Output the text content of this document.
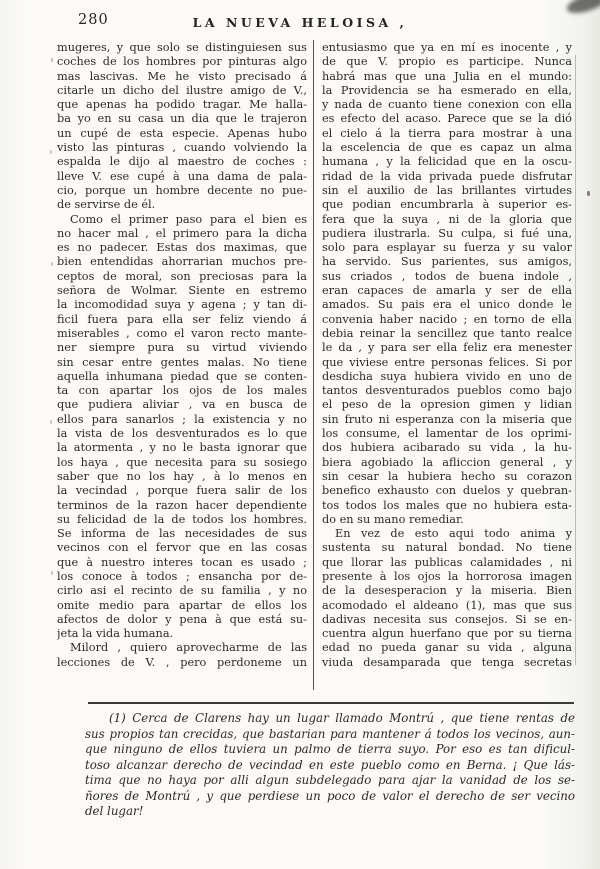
280	LA NUEVA HELOISA ,
mugeres, y que solo se distinguiesen sus
coches de los hombres por pinturas algo
mas lascivas. Me he visto precisado á
citarle un dicho del ilustre amigo de V.,
que apenas ha podido tragar. Me halla-
ba yo en su casa un dia que le trajeron
un cupé de esta especie. Apenas hubo
visto las pinturas , cuando volviendo la
espalda le dijo al maestro de coches :
lleve V. ese cupé à una dama de pala-
cio, porque un hombre decente no pue-
de servirse de él.
Como el primer paso para el bien es
no hacer mal , el primero para la dicha
es no padecer. Estas dos maximas, que
bien entendidas ahorrarian muchos pre-
ceptos de moral, son preciosas para la
señora de Wolmar. Siente en estremo
la incomodidad suya y agena ; y tan di-
ficil fuera para ella ser feliz viendo á
miserables , como el varon recto mante-
ner siempre pura su virtud viviendo
sin cesar entre gentes malas. No tiene
aquella inhumana piedad que se conten-
ta con apartar los ojos de los males
que pudiera aliviar , va en busca de
ellos para sanarlos ; la existencia y no
la vista de los desventurados es lo que
la atormenta , y no le basta ignorar que
los haya , que necesita para su sosiego
saber que no los hay , à lo menos en
la vecindad , porque fuera salir de los
terminos de la razon hacer dependiente
su felicidad de la de todos los hombres.
Se informa de las necesidades de sus
vecinos con el fervor que en las cosas
que à nuestro interes tocan es usado ;
los conoce à todos ; ensancha por de-
cirlo asi el recinto de su familia , y no
omite medio para apartar de ellos los
afectos de dolor y pena à que está su-
jeta la vida humana.
Milord , quiero aprovecharme de las
lecciones de V. , pero perdoneme un
entusiasmo que ya en mí es inocente , y
de que V. propio es participe. Nunca
habrá mas que una Julia en el mundo:
la Providencia se ha esmerado en ella,
y nada de cuanto tiene conexion con ella
es efecto del acaso. Parece que se la dió
el cielo á la tierra para mostrar à una
la escelencia de que es capaz un alma
humana , y la felicidad que en la oscu-
ridad de la vida privada puede disfrutar
sin el auxilio de las brillantes virtudes
que podian encumbrarla à superior es-
fera que la suya , ni de la gloria que
pudiera ilustrarla. Su culpa, si fué una,
solo para esplayar su fuerza y su valor
ha servido. Sus parientes, sus amigos,
sus criados , todos de buena indole ,
eran capaces de amarla y ser de ella
amados. Su pais era el unico donde le
convenia haber nacido ; en torno de ella
debia reinar la sencillez que tanto realce
le da , y para ser ella feliz era menester
que viviese entre personas felices. Si por
desdicha suya hubiera vivido en uno de
tantos desventurados pueblos como bajo
el peso de la opresion gimen y lidian
sin fruto ni esperanza con la miseria que
los consume, el lamentar de los oprimi-
dos hubiera acibarado su vida , la hu-
biera agobiado la afliccion general , y
sin cesar la hubiera hecho su corazon
benefico exhausto con duelos y quebran-
tos todos los males que no hubiera esta-
do en su mano remediar.
En vez de esto aqui todo anima y
sustenta su natural bondad. No tiene
que llorar las publicas calamidades , ni
presente à los ojos la horrorosa imagen
de la desesperacion y la miseria. Bien
acomodado el aldeano (1), mas que sus
dadivas necesita sus consejos. Si se en-
cuentra algun huerfano que por su tierna
edad no pueda ganar su vida , alguna
viuda desamparada que tenga secretas
(1) Cerca de Clarens hay un lugar llamado Montrú , que tiene rentas de
sus propios tan crecidas, que bastarian para mantener á todos los vecinos, aun-
que ninguno de ellos tuviera un palmo de tierra suyo. Por eso es tan dificul-
toso alcanzar derecho de vecindad en este pueblo como en Berna. ¡ Que lás-
tima que no haya por alli algun subdelegado para ajar la vanidad de los se-
ñores de Montrú , y que perdiese un poco de valor el derecho de ser vecino
del lugar!
